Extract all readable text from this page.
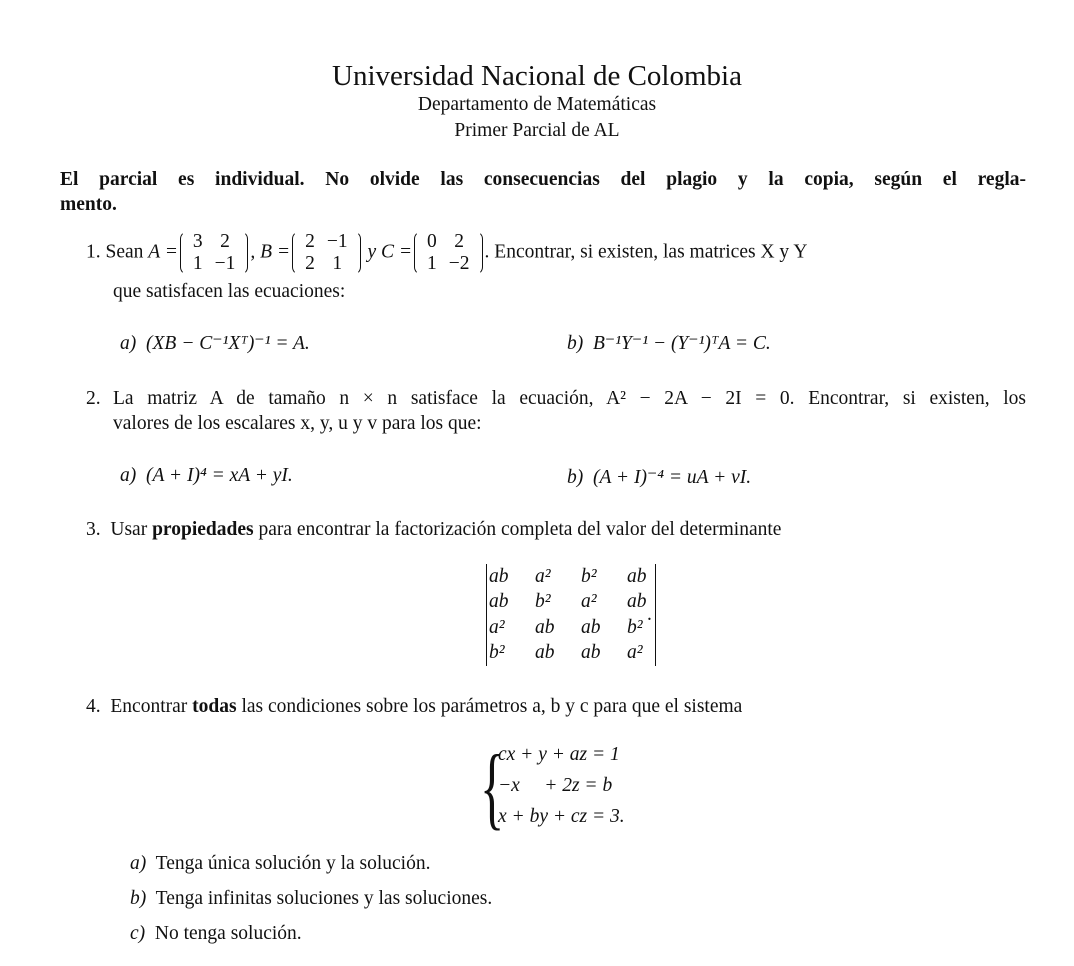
Universidad Nacional de Colombia
Departamento de Matemáticas
Primer Parcial de AL
El parcial es individual. No olvide las consecuencias del plagio y la copia, según el regla-
mento.
1. Sean A = 3	2
1	−1
, B = 2	−1
2	1
y C = 0	2
1	−2
. Encontrar, si existen, las matrices X y Y
que satisfacen las ecuaciones:
a) (XB − C⁻¹Xᵀ)⁻¹ = A.	b) B⁻¹Y⁻¹ − (Y⁻¹)ᵀA = C.
2. La matriz A de tamaño n × n satisface la ecuación, A² − 2A − 2I = 0. Encontrar, si existen, los
valores de los escalares x, y, u y v para los que:
a) (A + I)⁴ = xA + yI.	b) (A + I)⁻⁴ = uA + vI.
3. Usar propiedades para encontrar la factorización completa del valor del determinante
ab	a²	b²	ab
ab	b²	a²	ab
a²	ab	ab	b²
b²	ab	ab	a²
.
4. Encontrar todas las condiciones sobre los parámetros a, b y c para que el sistema
{
cx + y + az = 1
−x     + 2z = b
x + by + cz = 3.
a) Tenga única solución y la solución.
b) Tenga infinitas soluciones y las soluciones.
c) No tenga solución.
